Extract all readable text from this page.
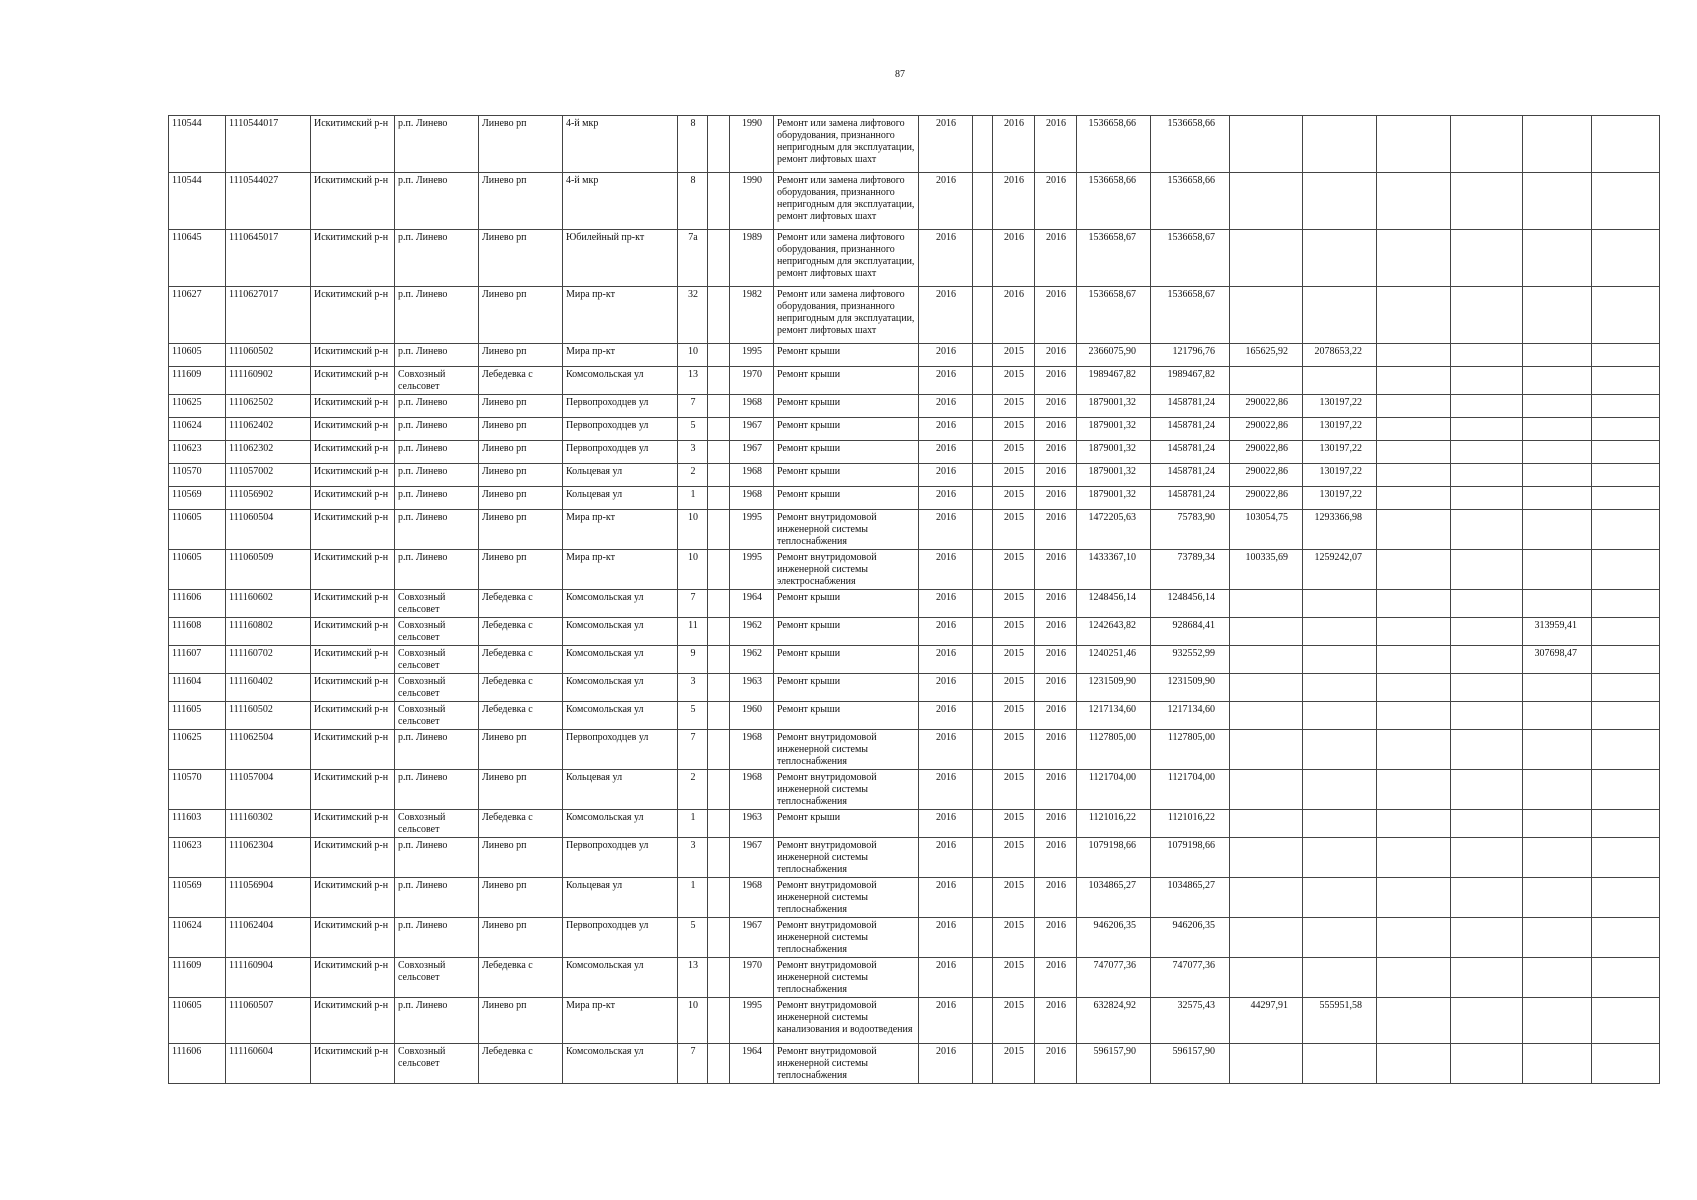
87
110544	1110544017	Искитимский р-н	р.п. Линево	Линево рп	4-й мкр	8		1990	Ремонт или замена лифтового оборудования, признанного непригодным для эксплуатации, ремонт лифтовых шахт	2016		2016	2016	1536658,66	1536658,66						
110544	1110544027	Искитимский р-н	р.п. Линево	Линево рп	4-й мкр	8		1990	Ремонт или замена лифтового оборудования, признанного непригодным для эксплуатации, ремонт лифтовых шахт	2016		2016	2016	1536658,66	1536658,66						
110645	1110645017	Искитимский р-н	р.п. Линево	Линево рп	Юбилейный пр-кт	7а		1989	Ремонт или замена лифтового оборудования, признанного непригодным для эксплуатации, ремонт лифтовых шахт	2016		2016	2016	1536658,67	1536658,67						
110627	1110627017	Искитимский р-н	р.п. Линево	Линево рп	Мира пр-кт	32		1982	Ремонт или замена лифтового оборудования, признанного непригодным для эксплуатации, ремонт лифтовых шахт	2016		2016	2016	1536658,67	1536658,67						
110605	111060502	Искитимский р-н	р.п. Линево	Линево рп	Мира пр-кт	10		1995	Ремонт крыши	2016		2015	2016	2366075,90	121796,76	165625,92	2078653,22				
111609	111160902	Искитимский р-н	Совхозный сельсовет	Лебедевка с	Комсомольская ул	13		1970	Ремонт крыши	2016		2015	2016	1989467,82	1989467,82						
110625	111062502	Искитимский р-н	р.п. Линево	Линево рп	Первопроходцев ул	7		1968	Ремонт крыши	2016		2015	2016	1879001,32	1458781,24	290022,86	130197,22				
110624	111062402	Искитимский р-н	р.п. Линево	Линево рп	Первопроходцев ул	5		1967	Ремонт крыши	2016		2015	2016	1879001,32	1458781,24	290022,86	130197,22				
110623	111062302	Искитимский р-н	р.п. Линево	Линево рп	Первопроходцев ул	3		1967	Ремонт крыши	2016		2015	2016	1879001,32	1458781,24	290022,86	130197,22				
110570	111057002	Искитимский р-н	р.п. Линево	Линево рп	Кольцевая ул	2		1968	Ремонт крыши	2016		2015	2016	1879001,32	1458781,24	290022,86	130197,22				
110569	111056902	Искитимский р-н	р.п. Линево	Линево рп	Кольцевая ул	1		1968	Ремонт крыши	2016		2015	2016	1879001,32	1458781,24	290022,86	130197,22				
110605	111060504	Искитимский р-н	р.п. Линево	Линево рп	Мира пр-кт	10		1995	Ремонт внутридомовой инженерной системы теплоснабжения	2016		2015	2016	1472205,63	75783,90	103054,75	1293366,98				
110605	111060509	Искитимский р-н	р.п. Линево	Линево рп	Мира пр-кт	10		1995	Ремонт внутридомовой инженерной системы электроснабжения	2016		2015	2016	1433367,10	73789,34	100335,69	1259242,07				
111606	111160602	Искитимский р-н	Совхозный сельсовет	Лебедевка с	Комсомольская ул	7		1964	Ремонт крыши	2016		2015	2016	1248456,14	1248456,14						
111608	111160802	Искитимский р-н	Совхозный сельсовет	Лебедевка с	Комсомольская ул	11		1962	Ремонт крыши	2016		2015	2016	1242643,82	928684,41					313959,41	
111607	111160702	Искитимский р-н	Совхозный сельсовет	Лебедевка с	Комсомольская ул	9		1962	Ремонт крыши	2016		2015	2016	1240251,46	932552,99					307698,47	
111604	111160402	Искитимский р-н	Совхозный сельсовет	Лебедевка с	Комсомольская ул	3		1963	Ремонт крыши	2016		2015	2016	1231509,90	1231509,90						
111605	111160502	Искитимский р-н	Совхозный сельсовет	Лебедевка с	Комсомольская ул	5		1960	Ремонт крыши	2016		2015	2016	1217134,60	1217134,60						
110625	111062504	Искитимский р-н	р.п. Линево	Линево рп	Первопроходцев ул	7		1968	Ремонт внутридомовой инженерной системы теплоснабжения	2016		2015	2016	1127805,00	1127805,00						
110570	111057004	Искитимский р-н	р.п. Линево	Линево рп	Кольцевая ул	2		1968	Ремонт внутридомовой инженерной системы теплоснабжения	2016		2015	2016	1121704,00	1121704,00						
111603	111160302	Искитимский р-н	Совхозный сельсовет	Лебедевка с	Комсомольская ул	1		1963	Ремонт крыши	2016		2015	2016	1121016,22	1121016,22						
110623	111062304	Искитимский р-н	р.п. Линево	Линево рп	Первопроходцев ул	3		1967	Ремонт внутридомовой инженерной системы теплоснабжения	2016		2015	2016	1079198,66	1079198,66						
110569	111056904	Искитимский р-н	р.п. Линево	Линево рп	Кольцевая ул	1		1968	Ремонт внутридомовой инженерной системы теплоснабжения	2016		2015	2016	1034865,27	1034865,27						
110624	111062404	Искитимский р-н	р.п. Линево	Линево рп	Первопроходцев ул	5		1967	Ремонт внутридомовой инженерной системы теплоснабжения	2016		2015	2016	946206,35	946206,35						
111609	111160904	Искитимский р-н	Совхозный сельсовет	Лебедевка с	Комсомольская ул	13		1970	Ремонт внутридомовой инженерной системы теплоснабжения	2016		2015	2016	747077,36	747077,36						
110605	111060507	Искитимский р-н	р.п. Линево	Линево рп	Мира пр-кт	10		1995	Ремонт внутридомовой инженерной системы канализования и водоотведения	2016		2015	2016	632824,92	32575,43	44297,91	555951,58				
111606	111160604	Искитимский р-н	Совхозный сельсовет	Лебедевка с	Комсомольская ул	7		1964	Ремонт внутридомовой инженерной системы теплоснабжения	2016		2015	2016	596157,90	596157,90						
